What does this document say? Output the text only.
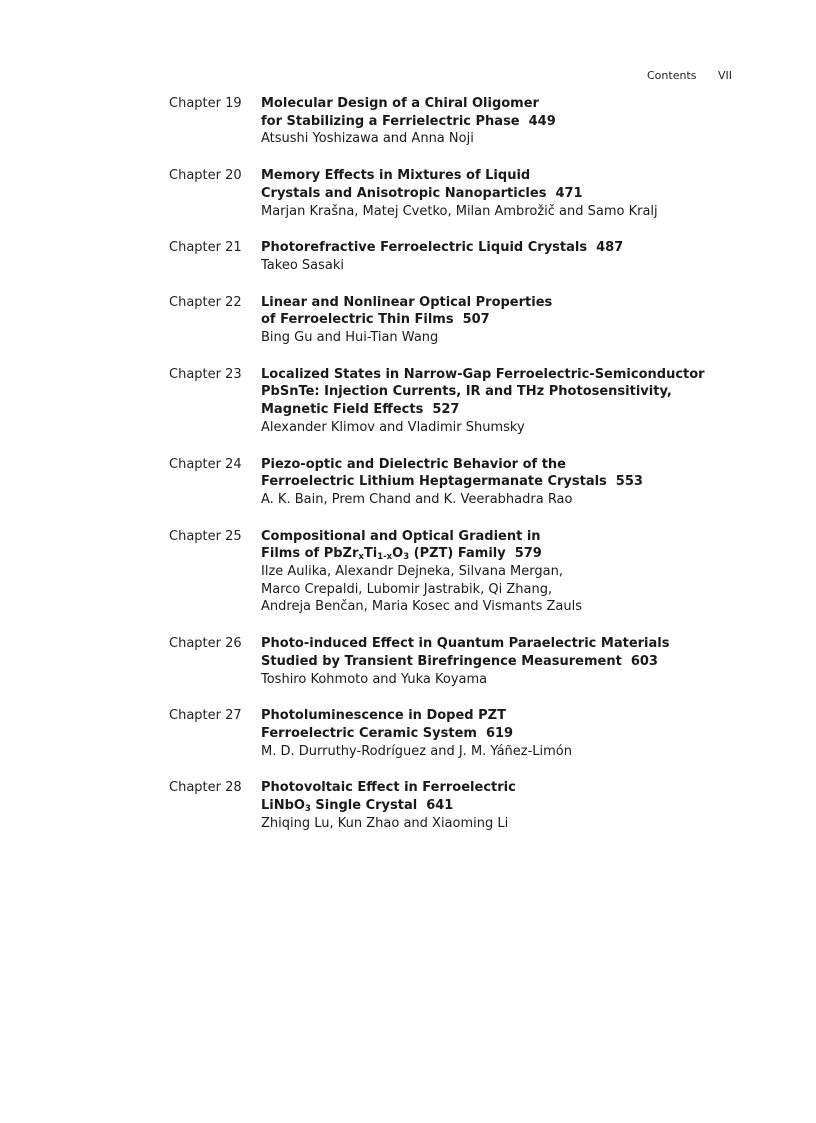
Contents VII
Chapter 19	Molecular Design of a Chiral Oligomer
for Stabilizing a Ferrielectric Phase 449
Atsushi Yoshizawa and Anna Noji
Chapter 20	Memory Effects in Mixtures of Liquid
Crystals and Anisotropic Nanoparticles 471
Marjan Krašna, Matej Cvetko, Milan Ambrožič and Samo Kralj
Chapter 21	Photorefractive Ferroelectric Liquid Crystals 487
Takeo Sasaki
Chapter 22	Linear and Nonlinear Optical Properties
of Ferroelectric Thin Films 507
Bing Gu and Hui-Tian Wang
Chapter 23	Localized States in Narrow-Gap Ferroelectric-Semiconductor
PbSnTe: Injection Currents, IR and THz Photosensitivity,
Magnetic Field Effects 527
Alexander Klimov and Vladimir Shumsky
Chapter 24	Piezo-optic and Dielectric Behavior of the
Ferroelectric Lithium Heptagermanate Crystals 553
A. K. Bain, Prem Chand and K. Veerabhadra Rao
Chapter 25	Compositional and Optical Gradient in
Films of $PbZr_xTi_{1-x}O_3$ (PZT) Family 579
Ilze Aulika, Alexandr Dejneka, Silvana Mergan,
Marco Crepaldi, Lubomir Jastrabik, Qi Zhang,
Andreja Benčan, Maria Kosec and Vismants Zauls
Chapter 26	Photo-induced Effect in Quantum Paraelectric Materials
Studied by Transient Birefringence Measurement 603
Toshiro Kohmoto and Yuka Koyama
Chapter 27	Photoluminescence in Doped PZT
Ferroelectric Ceramic System 619
M. D. Durruthy-Rodríguez and J. M. Yáñez-Limón
Chapter 28	Photovoltaic Effect in Ferroelectric
LiNbO$_3$ Single Crystal 641
Zhiqing Lu, Kun Zhao and Xiaoming Li
